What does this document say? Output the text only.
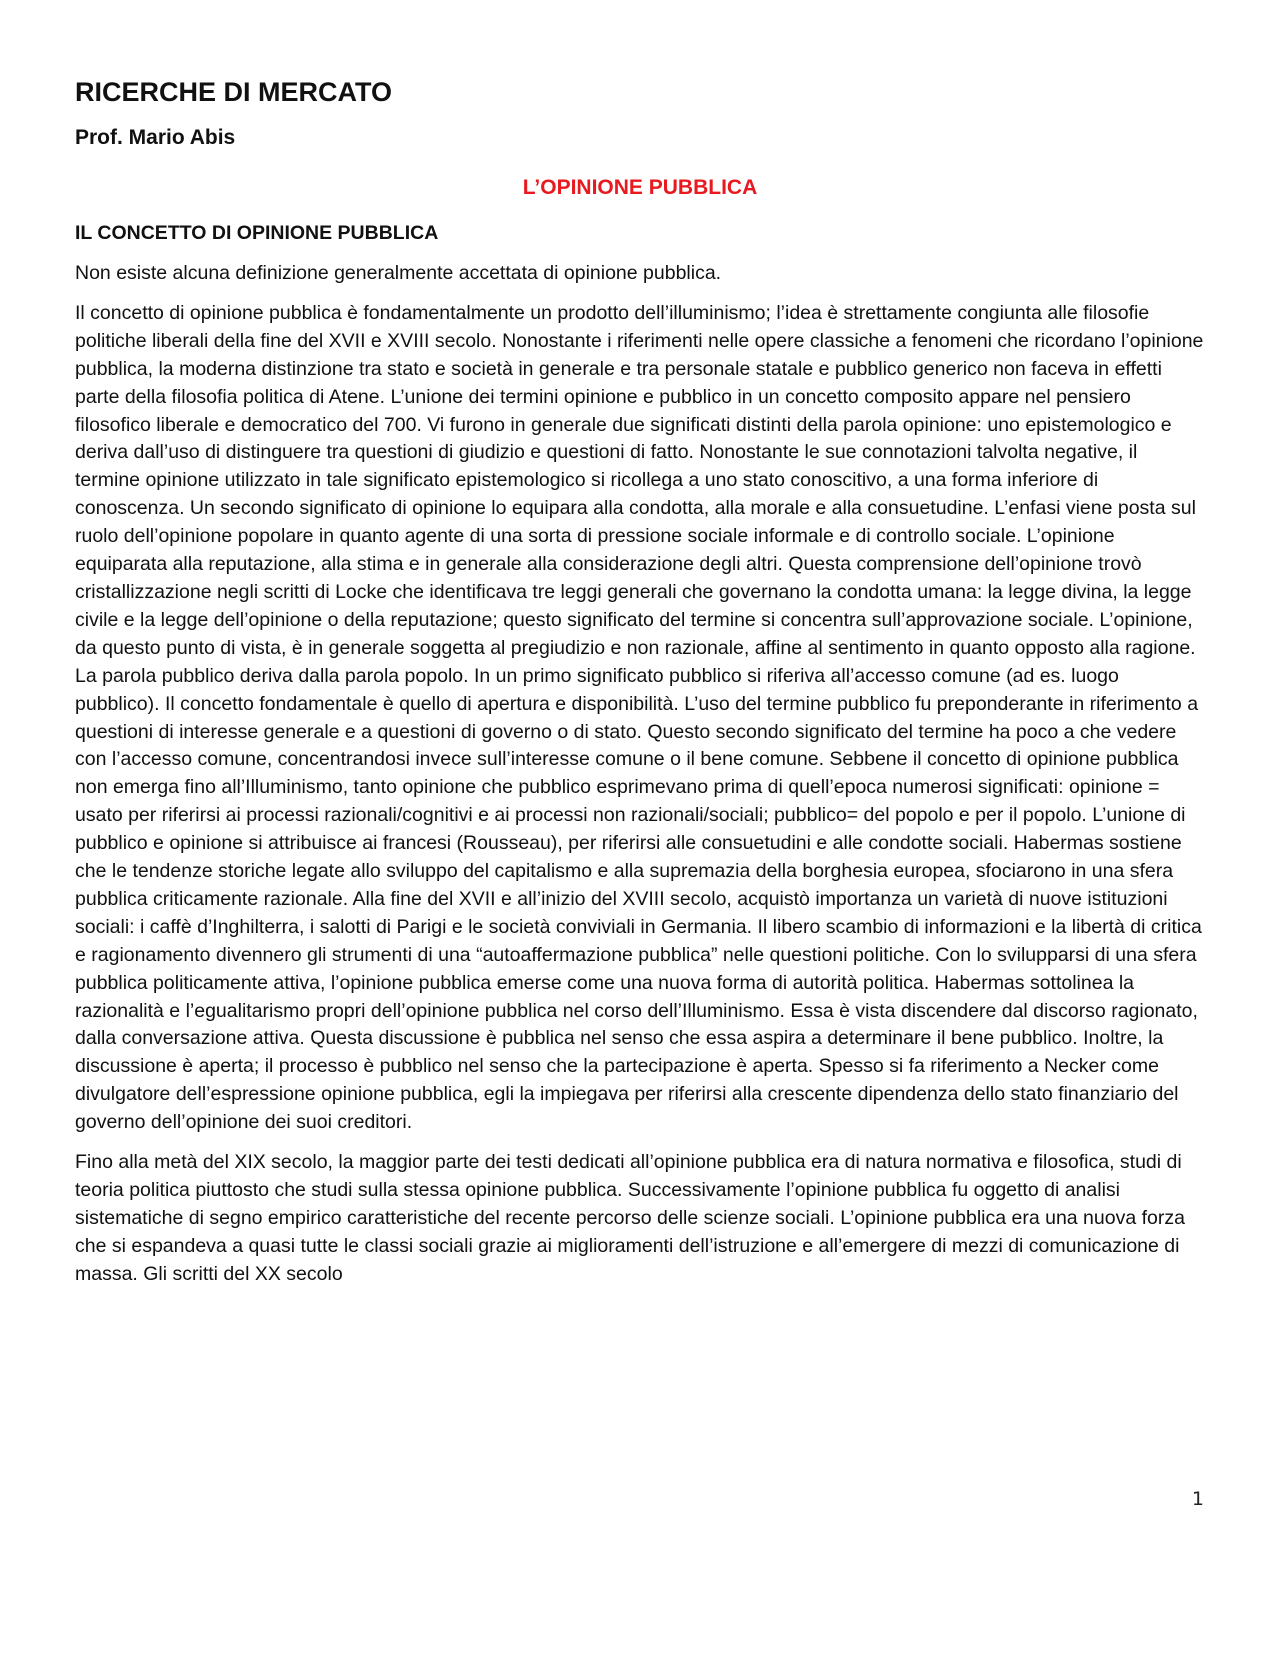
RICERCHE DI MERCATO
Prof. Mario Abis
L’OPINIONE PUBBLICA
IL CONCETTO DI OPINIONE PUBBLICA

Non esiste alcuna definizione generalmente accettata di opinione pubblica.

Il concetto di opinione pubblica è fondamentalmente un prodotto dell’illuminismo; l’idea è strettamente congiunta alle filosofie politiche liberali della fine del XVII e XVIII secolo. Nonostante i riferimenti nelle opere classiche a fenomeni che ricordano l’opinione pubblica, la moderna distinzione tra stato e società in generale e tra personale statale e pubblico generico non faceva in effetti parte della filosofia politica di Atene. L’unione dei termini opinione e pubblico in un concetto composito appare nel pensiero filosofico liberale e democratico del 700. Vi furono in generale due significati distinti della parola opinione: uno epistemologico e deriva dall’uso di distinguere tra questioni di giudizio e questioni di fatto. Nonostante le sue connotazioni talvolta negative, il termine opinione utilizzato in tale significato epistemologico si ricollega a uno stato conoscitivo, a una forma inferiore di conoscenza. Un secondo significato di opinione lo equipara alla condotta, alla morale e alla consuetudine. L’enfasi viene posta sul ruolo dell’opinione popolare in quanto agente di una sorta di pressione sociale informale e di controllo sociale. L’opinione equiparata alla reputazione, alla stima e in generale alla considerazione degli altri. Questa comprensione dell’opinione trovò cristallizzazione negli scritti di Locke che identificava tre leggi generali che governano la condotta umana: la legge divina, la legge civile e la legge dell’opinione o della reputazione; questo significato del termine si concentra sull’approvazione sociale. L’opinione, da questo punto di vista, è in generale soggetta al pregiudizio e non razionale, affine al sentimento in quanto opposto alla ragione. La parola pubblico deriva dalla parola popolo. In un primo significato pubblico si riferiva all’accesso comune (ad es. luogo pubblico). Il concetto fondamentale è quello di apertura e disponibilità. L’uso del termine pubblico fu preponderante in riferimento a questioni di interesse generale e a questioni di governo o di stato. Questo secondo significato del termine ha poco a che vedere con l’accesso comune, concentrandosi invece sull’interesse comune o il bene comune. Sebbene il concetto di opinione pubblica non emerga fino all’Illuminismo, tanto opinione che pubblico esprimevano prima di quell’epoca numerosi significati: opinione = usato per riferirsi ai processi razionali/cognitivi e ai processi non razionali/sociali; pubblico= del popolo e per il popolo. L’unione di pubblico e opinione si attribuisce ai francesi (Rousseau), per riferirsi alle consuetudini e alle condotte sociali. Habermas sostiene che le tendenze storiche legate allo sviluppo del capitalismo e alla supremazia della borghesia europea, sfociarono in una sfera pubblica criticamente razionale. Alla fine del XVII e all’inizio del XVIII secolo, acquistò importanza un varietà di nuove istituzioni sociali: i caffè d’Inghilterra, i salotti di Parigi e le società conviviali in Germania. Il libero scambio di informazioni e la libertà di critica e ragionamento divennero gli strumenti di una “autoaffermazione pubblica” nelle questioni politiche. Con lo svilupparsi di una sfera pubblica politicamente attiva, l’opinione pubblica emerse come una nuova forma di autorità politica. Habermas sottolinea la razionalità e l’egualitarismo propri dell’opinione pubblica nel corso dell’Illuminismo. Essa è vista discendere dal discorso ragionato, dalla conversazione attiva. Questa discussione è pubblica nel senso che essa aspira a determinare il bene pubblico. Inoltre, la discussione è aperta; il processo è pubblico nel senso che la partecipazione è aperta. Spesso si fa riferimento a Necker come divulgatore dell’espressione opinione pubblica, egli la impiegava per riferirsi alla crescente dipendenza dello stato finanziario del governo dell’opinione dei suoi creditori.

Fino alla metà del XIX secolo, la maggior parte dei testi dedicati all’opinione pubblica era di natura normativa e filosofica, studi di teoria politica piuttosto che studi sulla stessa opinione pubblica. Successivamente l’opinione pubblica fu oggetto di analisi sistematiche di segno empirico caratteristiche del recente percorso delle scienze sociali. L’opinione pubblica era una nuova forza che si espandeva a quasi tutte le classi sociali grazie ai miglioramenti dell’istruzione e all’emergere di mezzi di comunicazione di massa. Gli scritti del XX secolo

1
